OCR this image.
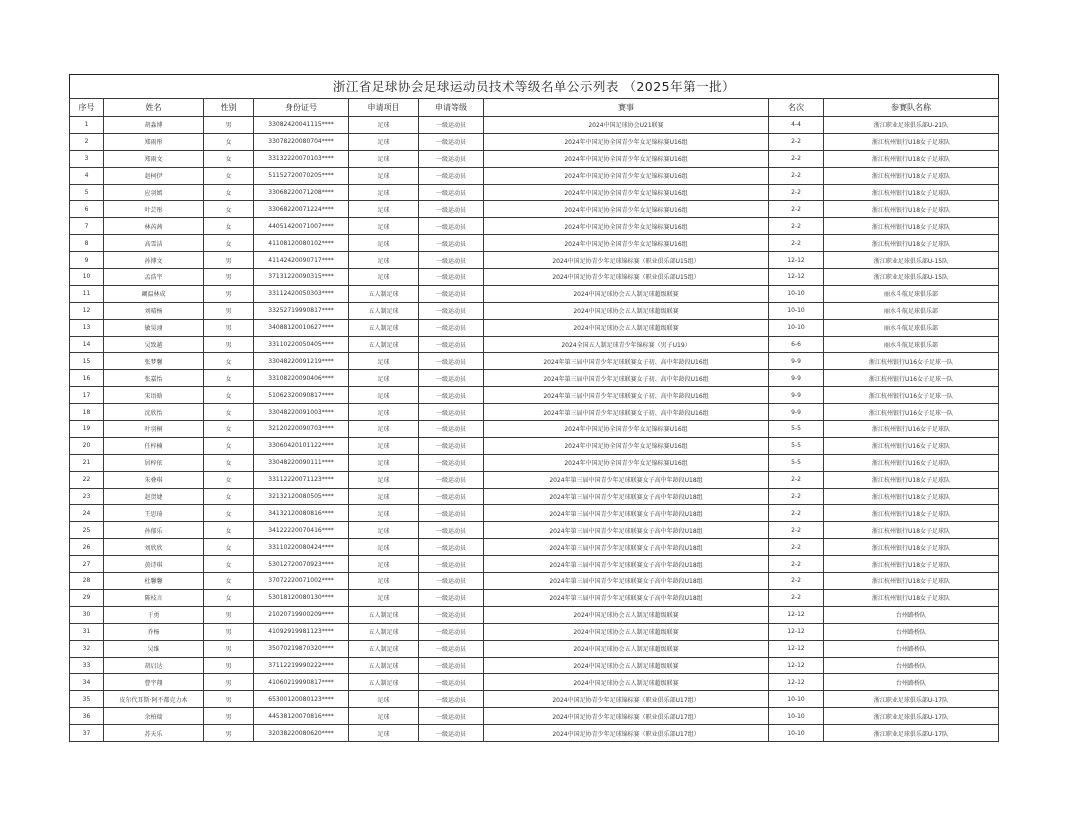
浙江省足球协会足球运动员技术等级名单公示列表 （2025年第一批）
序号	姓名	性别	身份证号	申请项目	申请等级	赛事	名次	参赛队名称
1	胡淼博	男	33082420041115****	足球	一级运动员	2024中国足球协会U21联赛	4-4	浙江职业足球俱乐部U-21队
2	郑雨彤	女	33078220080704****	足球	一级运动员	2024年中国足协全国青少年女足锦标赛U16组	2-2	浙江杭州银行U18女子足球队
3	郑雨文	女	33132220070103****	足球	一级运动员	2024年中国足协全国青少年女足锦标赛U16组	2-2	浙江杭州银行U18女子足球队
4	赵柯伊	女	51152720070205****	足球	一级运动员	2024年中国足协全国青少年女足锦标赛U16组	2-2	浙江杭州银行U18女子足球队
5	应羽嫣	女	33068220071208****	足球	一级运动员	2024年中国足协全国青少年女足锦标赛U16组	2-2	浙江杭州银行U18女子足球队
6	叶芸彤	女	33068220071224****	足球	一级运动员	2024年中国足协全国青少年女足锦标赛U16组	2-2	浙江杭州银行U18女子足球队
7	林芮茜	女	44051420071007****	足球	一级运动员	2024年中国足协全国青少年女足锦标赛U16组	2-2	浙江杭州银行U18女子足球队
8	高雪洁	女	41108120080102****	足球	一级运动员	2024年中国足协全国青少年女足锦标赛U16组	2-2	浙江杭州银行U18女子足球队
9	孙博文	男	41142420090717****	足球	一级运动员	2024中国足协青少年足球锦标赛（职业俱乐部U15组）	12-12	浙江职业足球俱乐部U-15队
10	孟浩宇	男	37131220090315****	足球	一级运动员	2024中国足协青少年足球锦标赛（职业俱乐部U15组）	12-12	浙江职业足球俱乐部U-15队
11	阚温林成	男	33112420050303****	五人制足球	一级运动员	2024中国足球协会五人制足球超级联赛	10-10	丽水斗航足球俱乐部
12	刘晴杨	男	33252719990817****	五人制足球	一级运动员	2024中国足球协会五人制足球超级联赛	10-10	丽水斗航足球俱乐部
13	敏昊翊	男	34088120010627****	五人制足球	一级运动员	2024中国足球协会五人制足球超级联赛	10-10	丽水斗航足球俱乐部
14	吴致越	男	33110220050405****	五人制足球	一级运动员	2024全国五人制足球青少年锦标赛（男子U19）	6-6	丽水斗航足球俱乐部
15	张梦馨	女	33048220091219****	足球	一级运动员	2024年第三届中国青少年足球联赛女子初、高中年龄段U16组	9-9	浙江杭州银行U16女子足球一队
16	张嘉怡	女	33108220090406****	足球	一级运动员	2024年第三届中国青少年足球联赛女子初、高中年龄段U16组	9-9	浙江杭州银行U16女子足球一队
17	宋语晗	女	51062320090817****	足球	一级运动员	2024年第三届中国青少年足球联赛女子初、高中年龄段U16组	9-9	浙江杭州银行U16女子足球一队
18	沈欣怡	女	33048220091003****	足球	一级运动员	2024年第三届中国青少年足球联赛女子初、高中年龄段U16组	9-9	浙江杭州银行U16女子足球一队
19	叶羽桐	女	32120220090703****	足球	一级运动员	2024年中国足协全国青少年女足锦标赛U16组	5-5	浙江杭州银行U16女子足球队
20	任梓楠	女	33060420101122****	足球	一级运动员	2024年中国足协全国青少年女足锦标赛U16组	5-5	浙江杭州银行U16女子足球队
21	居梓依	女	33048220090111****	足球	一级运动员	2024年中国足协全国青少年女足锦标赛U16组	5-5	浙江杭州银行U16女子足球队
22	朱叠琪	女	33112220071123****	足球	一级运动员	2024年第三届中国青少年足球联赛女子高中年龄段U18组	2-2	浙江杭州银行U18女子足球队
23	赵贺婕	女	32132120080505****	足球	一级运动员	2024年第三届中国青少年足球联赛女子高中年龄段U18组	2-2	浙江杭州银行U18女子足球队
24	王思琦	女	34132120080816****	足球	一级运动员	2024年第三届中国青少年足球联赛女子高中年龄段U18组	2-2	浙江杭州银行U18女子足球队
25	孙郁乐	女	34122220070416****	足球	一级运动员	2024年第三届中国青少年足球联赛女子高中年龄段U18组	2-2	浙江杭州银行U18女子足球队
26	刘欣欣	女	33110220080424****	足球	一级运动员	2024年第三届中国青少年足球联赛女子高中年龄段U18组	2-2	浙江杭州银行U18女子足球队
27	黄诗琪	女	53012720070923****	足球	一级运动员	2024年第三届中国青少年足球联赛女子高中年龄段U18组	2-2	浙江杭州银行U18女子足球队
28	杜馨馨	女	37072220071002****	足球	一级运动员	2024年第三届中国青少年足球联赛女子高中年龄段U18组	2-2	浙江杭州银行U18女子足球队
29	陈枝言	女	53018120080130****	足球	一级运动员	2024年第三届中国青少年足球联赛女子高中年龄段U18组	2-2	浙江杭州银行U18女子足球队
30	于勇	男	21020719900209****	五人制足球	一级运动员	2024中国足球协会五人制足球超级联赛	12-12	台州路桥队
31	乔杨	男	41092919981123****	五人制足球	一级运动员	2024中国足球协会五人制足球超级联赛	12-12	台州路桥队
32	吴维	男	35070219870320****	五人制足球	一级运动员	2024中国足球协会五人制足球超级联赛	12-12	台州路桥队
33	胡启达	男	37112219990222****	五人制足球	一级运动员	2024中国足球协会五人制足球超级联赛	12-12	台州路桥队
34	曹宇翔	男	41060219990817****	五人制足球	一级运动员	2024中国足球协会五人制足球超级联赛	12-12	台州路桥队
35	皮尔代耳斯·阿不都克力木	男	65300120080123****	足球	一级运动员	2024中国足协青少年足球锦标赛（职业俱乐部U17组）	10-10	浙江职业足球俱乐部U-17队
36	余柏瑞	男	44538120070816****	足球	一级运动员	2024中国足协青少年足球锦标赛（职业俱乐部U17组）	10-10	浙江职业足球俱乐部U-17队
37	苏天乐	男	32038220080620****	足球	一级运动员	2024中国足协青少年足球锦标赛（职业俱乐部U17组）	10-10	浙江职业足球俱乐部U-17队
